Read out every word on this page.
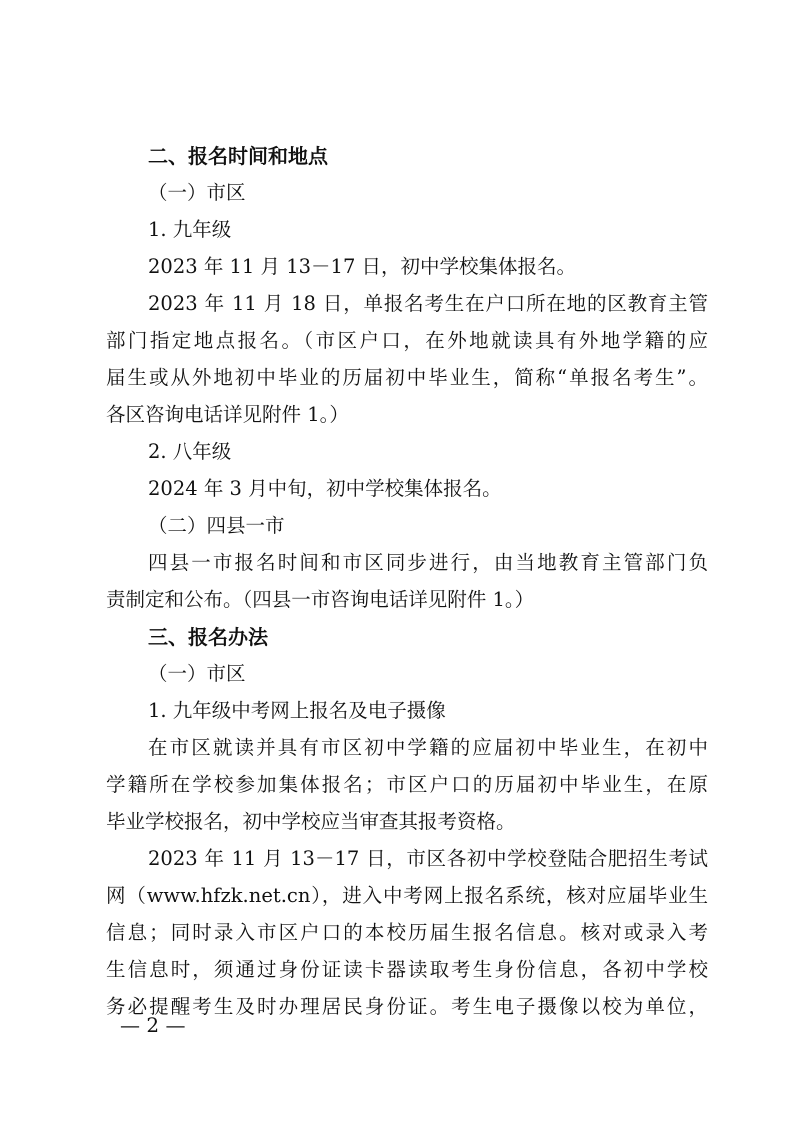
二、报名时间和地点
（一）市区
1. 九年级
2023 年 11 月 13－17 日，初中学校集体报名。
2023 年 11 月 18 日，单报名考生在户口所在地的区教育主管
部门指定地点报名。（市区户口，在外地就读具有外地学籍的应
届生或从外地初中毕业的历届初中毕业生，简称“单报名考生”。
各区咨询电话详见附件 1。）
2. 八年级
2024 年 3 月中旬，初中学校集体报名。
（二）四县一市
四县一市报名时间和市区同步进行，由当地教育主管部门负
责制定和公布。（四县一市咨询电话详见附件 1。）
三、报名办法
（一）市区
1. 九年级中考网上报名及电子摄像
在市区就读并具有市区初中学籍的应届初中毕业生，在初中
学籍所在学校参加集体报名；市区户口的历届初中毕业生，在原
毕业学校报名，初中学校应当审查其报考资格。
2023 年 11 月 13－17 日，市区各初中学校登陆合肥招生考试
网（www.hfzk.net.cn），进入中考网上报名系统，核对应届毕业生
信息；同时录入市区户口的本校历届生报名信息。核对或录入考
生信息时，须通过身份证读卡器读取考生身份信息，各初中学校
务必提醒考生及时办理居民身份证。考生电子摄像以校为单位，
— 2 —
